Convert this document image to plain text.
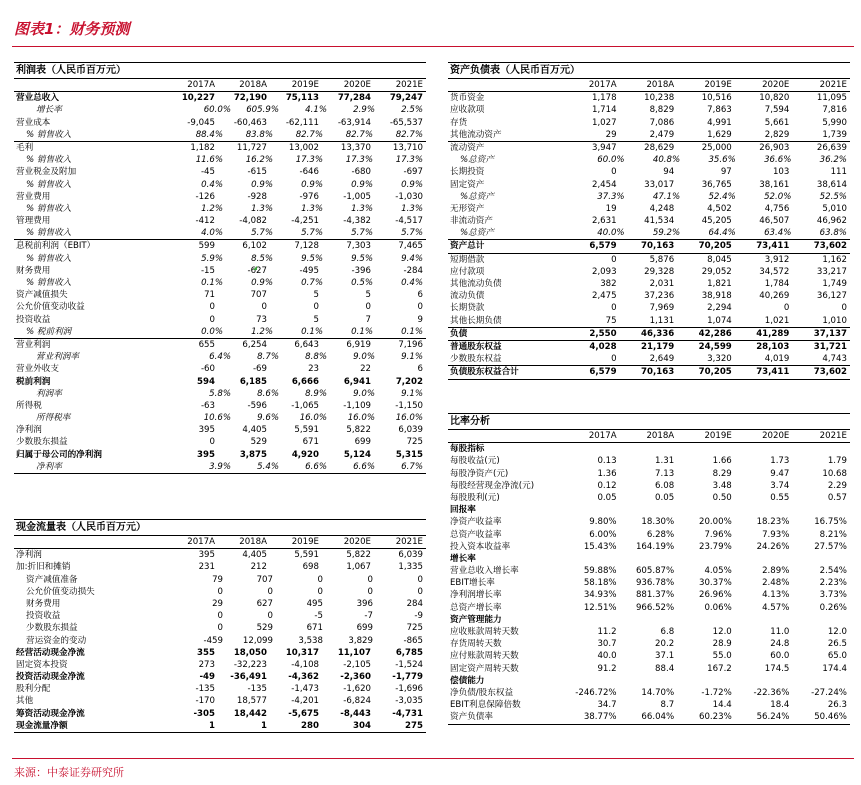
图表1：财务预测
利润表（人民币百万元）
2017A	2018A	2019E	2020E	2021E
营业总收入	10,227	72,190	75,113	77,284	79,247
增长率	60.0%	605.9%	4.1%	2.9%	2.5%
营业成本	-9,045	-60,463	-62,111	-63,914	-65,537
% 销售收入	88.4%	83.8%	82.7%	82.7%	82.7%
毛利	1,182	11,727	13,002	13,370	13,710
% 销售收入	11.6%	16.2%	17.3%	17.3%	17.3%
营业税金及附加	-45	-615	-646	-680	-697
% 销售收入	0.4%	0.9%	0.9%	0.9%	0.9%
营业费用	-126	-928	-976	-1,005	-1,030
% 销售收入	1.2%	1.3%	1.3%	1.3%	1.3%
管理费用	-412	-4,082	-4,251	-4,382	-4,517
% 销售收入	4.0%	5.7%	5.7%	5.7%	5.7%
息税前利润（EBIT）	599	6,102	7,128	7,303	7,465
% 销售收入	5.9%	8.5%	9.5%	9.5%	9.4%
财务费用	-15	-627	-495	-396	-284
% 销售收入	0.1%	0.9%	0.7%	0.5%	0.4%
资产减值损失	71	707	5	5	6
公允价值变动收益	0	0	0	0	0
投资收益	0	73	5	7	9
% 税前利润	0.0%	1.2%	0.1%	0.1%	0.1%
营业利润	655	6,254	6,643	6,919	7,196
营业利润率	6.4%	8.7%	8.8%	9.0%	9.1%
营业外收支	-60	-69	23	22	6
税前利润	594	6,185	6,666	6,941	7,202
利润率	5.8%	8.6%	8.9%	9.0%	9.1%
所得税	-63	-596	-1,065	-1,109	-1,150
所得税率	10.6%	9.6%	16.0%	16.0%	16.0%
净利润	395	4,405	5,591	5,822	6,039
少数股东损益	0	529	671	699	725
归属于母公司的净利润	395	3,875	4,920	5,124	5,315
净利率	3.9%	5.4%	6.6%	6.6%	6.7%
现金流量表（人民币百万元）
2017A	2018A	2019E	2020E	2021E
净利润	395	4,405	5,591	5,822	6,039
加:折旧和摊销	231	212	698	1,067	1,335
资产减值准备	79	707	0	0	0
公允价值变动损失	0	0	0	0	0
财务费用	29	627	495	396	284
投资收益	0	0	-5	-7	-9
少数股东损益	0	529	671	699	725
营运资金的变动	-459	12,099	3,538	3,829	-865
经营活动现金净流	355	18,050	10,317	11,107	6,785
固定资本投资	273	-32,223	-4,108	-2,105	-1,524
投资活动现金净流	-49	-36,491	-4,362	-2,360	-1,779
股利分配	-135	-135	-1,473	-1,620	-1,696
其他	-170	18,577	-4,201	-6,824	-3,035
筹资活动现金净流	-305	18,442	-5,675	-8,443	-4,731
现金流量净额	1	1	280	304	275
资产负债表（人民币百万元）
2017A	2018A	2019E	2020E	2021E
货币资金	1,178	10,238	10,516	10,820	11,095
应收款项	1,714	8,829	7,863	7,594	7,816
存货	1,027	7,086	4,991	5,661	5,990
其他流动资产	29	2,479	1,629	2,829	1,739
流动资产	3,947	28,629	25,000	26,903	26,639
%总资产	60.0%	40.8%	35.6%	36.6%	36.2%
长期投资	0	94	97	103	111
固定资产	2,454	33,017	36,765	38,161	38,614
%总资产	37.3%	47.1%	52.4%	52.0%	52.5%
无形资产	19	4,248	4,502	4,756	5,010
非流动资产	2,631	41,534	45,205	46,507	46,962
%总资产	40.0%	59.2%	64.4%	63.4%	63.8%
资产总计	6,579	70,163	70,205	73,411	73,602
短期借款	0	5,876	8,045	3,912	1,162
应付款项	2,093	29,328	29,052	34,572	33,217
其他流动负债	382	2,031	1,821	1,784	1,749
流动负债	2,475	37,236	38,918	40,269	36,127
长期贷款	0	7,969	2,294	0	0
其他长期负债	75	1,131	1,074	1,021	1,010
负债	2,550	46,336	42,286	41,289	37,137
普通股东权益	4,028	21,179	24,599	28,103	31,721
少数股东权益	0	2,649	3,320	4,019	4,743
负债股东权益合计	6,579	70,163	70,205	73,411	73,602
比率分析
2017A	2018A	2019E	2020E	2021E
每股指标
每股收益(元)	0.13	1.31	1.66	1.73	1.79
每股净资产(元)	1.36	7.13	8.29	9.47	10.68
每股经营现金净流(元)	0.12	6.08	3.48	3.74	2.29
每股股利(元)	0.05	0.05	0.50	0.55	0.57
回报率
净资产收益率	9.80%	18.30%	20.00%	18.23%	16.75%
总资产收益率	6.00%	6.28%	7.96%	7.93%	8.21%
投入资本收益率	15.43%	164.19%	23.79%	24.26%	27.57%
增长率
营业总收入增长率	59.88%	605.87%	4.05%	2.89%	2.54%
EBIT增长率	58.18%	936.78%	30.37%	2.48%	2.23%
净利润增长率	34.93%	881.37%	26.96%	4.13%	3.73%
总资产增长率	12.51%	966.52%	0.06%	4.57%	0.26%
资产管理能力
应收账款周转天数	11.2	6.8	12.0	11.0	12.0
存货周转天数	30.7	20.2	28.9	24.8	26.5
应付账款周转天数	40.0	37.1	55.0	60.0	65.0
固定资产周转天数	91.2	88.4	167.2	174.5	174.4
偿债能力
净负债/股东权益	-246.72%	14.70%	-1.72%	-22.36%	-27.24%
EBIT利息保障倍数	34.7	8.7	14.4	18.4	26.3
资产负债率	38.77%	66.04%	60.23%	56.24%	50.46%
来源：中泰证券研究所
